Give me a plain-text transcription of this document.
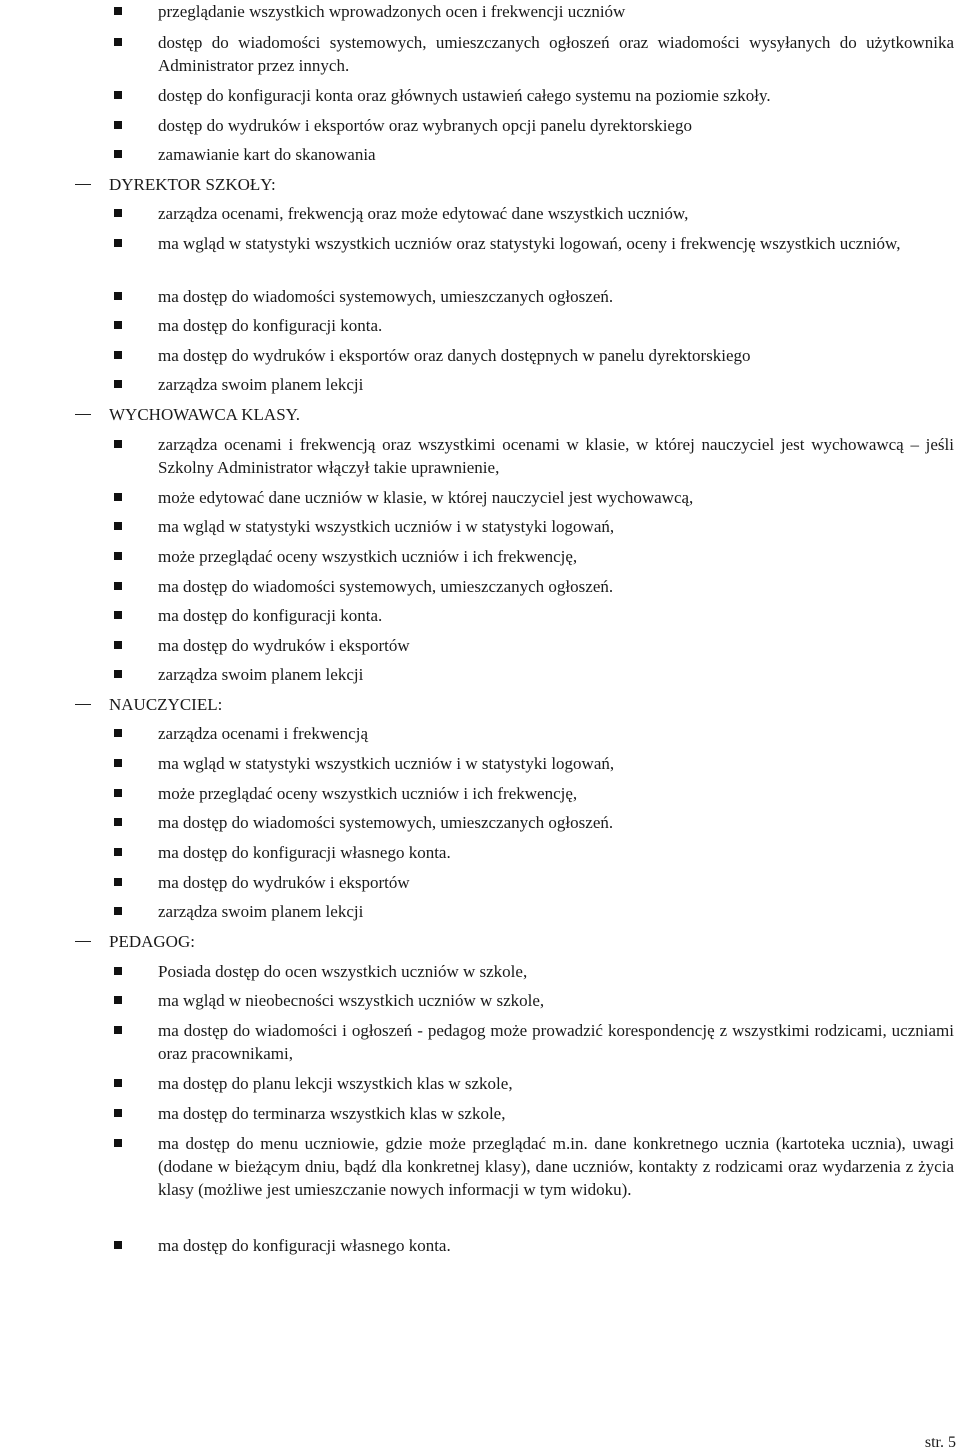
przeglądanie wszystkich wprowadzonych ocen i frekwencji uczniów
dostęp do wiadomości systemowych, umieszczanych ogłoszeń oraz wiadomości wysyłanych do użytkownika Administrator przez innych.
dostęp do konfiguracji konta oraz głównych ustawień całego systemu na poziomie szkoły.
dostęp do wydruków i eksportów oraz wybranych opcji panelu dyrektorskiego
zamawianie kart do skanowania
DYREKTOR SZKOŁY:
zarządza ocenami, frekwencją oraz może edytować dane wszystkich uczniów,
ma wgląd w statystyki wszystkich uczniów oraz statystyki logowań, oceny i frekwencję wszystkich uczniów,
ma dostęp do wiadomości systemowych, umieszczanych ogłoszeń.
ma dostęp do konfiguracji konta.
ma dostęp do wydruków i eksportów oraz danych dostępnych w panelu dyrektorskiego
zarządza swoim planem lekcji
WYCHOWAWCA KLASY.
zarządza ocenami i frekwencją oraz wszystkimi ocenami w klasie, w której nauczyciel jest wychowawcą – jeśli Szkolny Administrator włączył takie uprawnienie,
może edytować dane uczniów w klasie, w której nauczyciel jest wychowawcą,
ma wgląd w statystyki wszystkich uczniów i w statystyki logowań,
może przeglądać oceny wszystkich uczniów i ich frekwencję,
ma dostęp do wiadomości systemowych, umieszczanych ogłoszeń.
ma dostęp do konfiguracji konta.
ma dostęp do wydruków i eksportów
zarządza swoim planem lekcji
NAUCZYCIEL:
zarządza ocenami i frekwencją
ma wgląd w statystyki wszystkich uczniów i w statystyki logowań,
może przeglądać oceny wszystkich uczniów i ich frekwencję,
ma dostęp do wiadomości systemowych, umieszczanych ogłoszeń.
ma dostęp do konfiguracji własnego konta.
ma dostęp do wydruków i eksportów
zarządza swoim planem lekcji
PEDAGOG:
Posiada dostęp do ocen wszystkich uczniów w szkole,
ma wgląd w nieobecności wszystkich uczniów w szkole,
ma dostęp do wiadomości i ogłoszeń - pedagog może prowadzić korespondencję z wszystkimi rodzicami, uczniami oraz pracownikami,
ma dostęp do planu lekcji wszystkich klas w szkole,
ma dostęp do terminarza wszystkich klas w szkole,
ma dostęp do menu uczniowie, gdzie może przeglądać m.in. dane konkretnego ucznia (kartoteka ucznia), uwagi (dodane w bieżącym dniu, bądź dla konkretnej klasy), dane uczniów, kontakty z rodzicami oraz wydarzenia z życia klasy (możliwe jest umieszczanie nowych informacji w tym widoku).
ma dostęp do konfiguracji własnego konta.
str. 5
